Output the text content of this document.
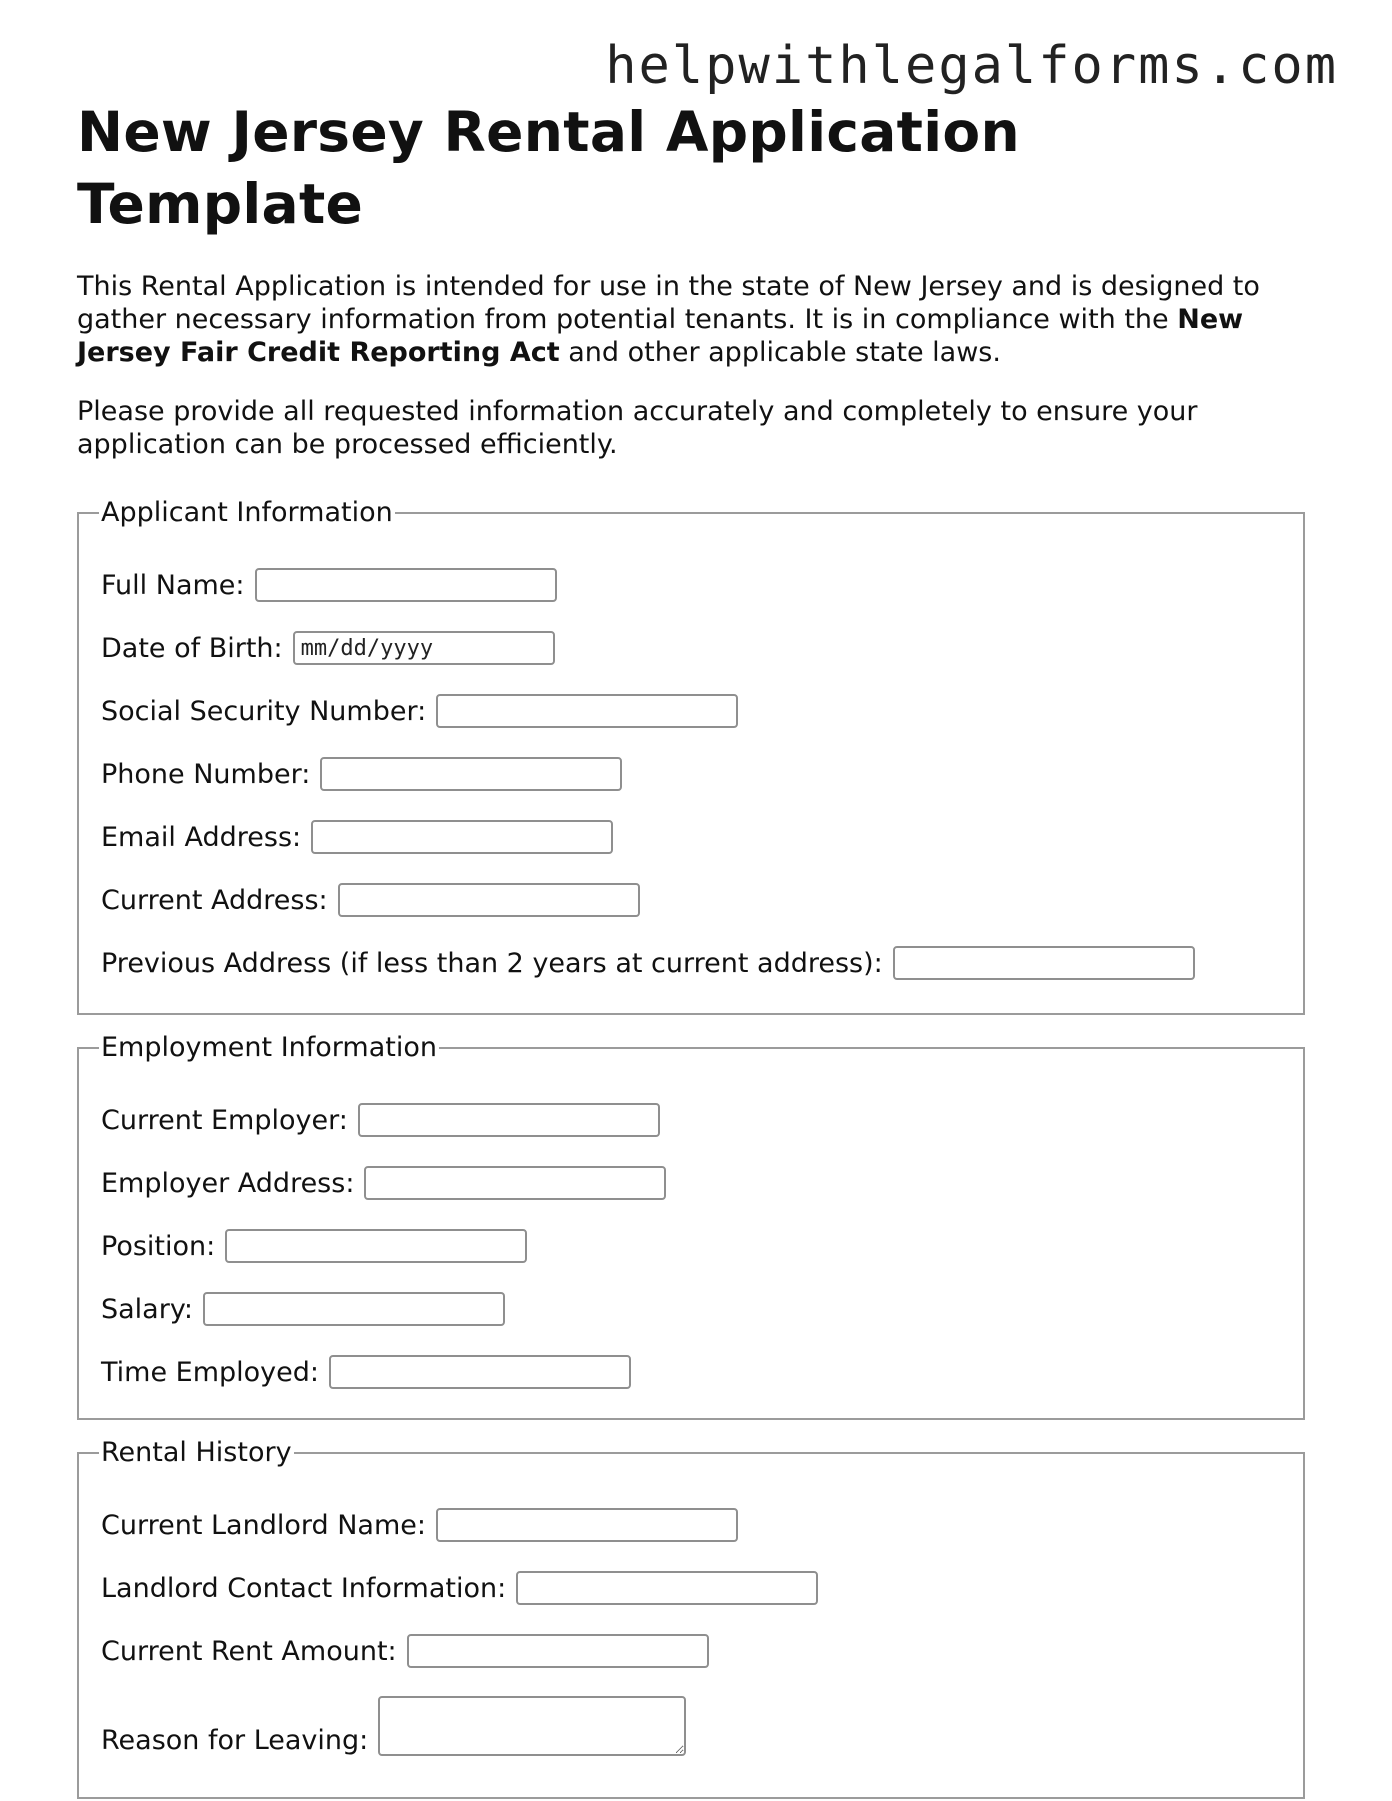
helpwithlegalforms.com
New Jersey Rental Application Template

This Rental Application is intended for use in the state of New Jersey and is designed to gather necessary information from potential tenants. It is in compliance with the New Jersey Fair Credit Reporting Act and other applicable state laws.

Please provide all requested information accurately and completely to ensure your application can be processed efficiently.

Applicant Information
Full Name:
Date of Birth:
mm/dd/yyyy
Social Security Number:
Phone Number:
Email Address:
Current Address:
Previous Address (if less than 2 years at current address):
Employment Information
Current Employer:
Employer Address:
Position:
Salary:
Time Employed:
Rental History
Current Landlord Name:
Landlord Contact Information:
Current Rent Amount:
Reason for Leaving:
